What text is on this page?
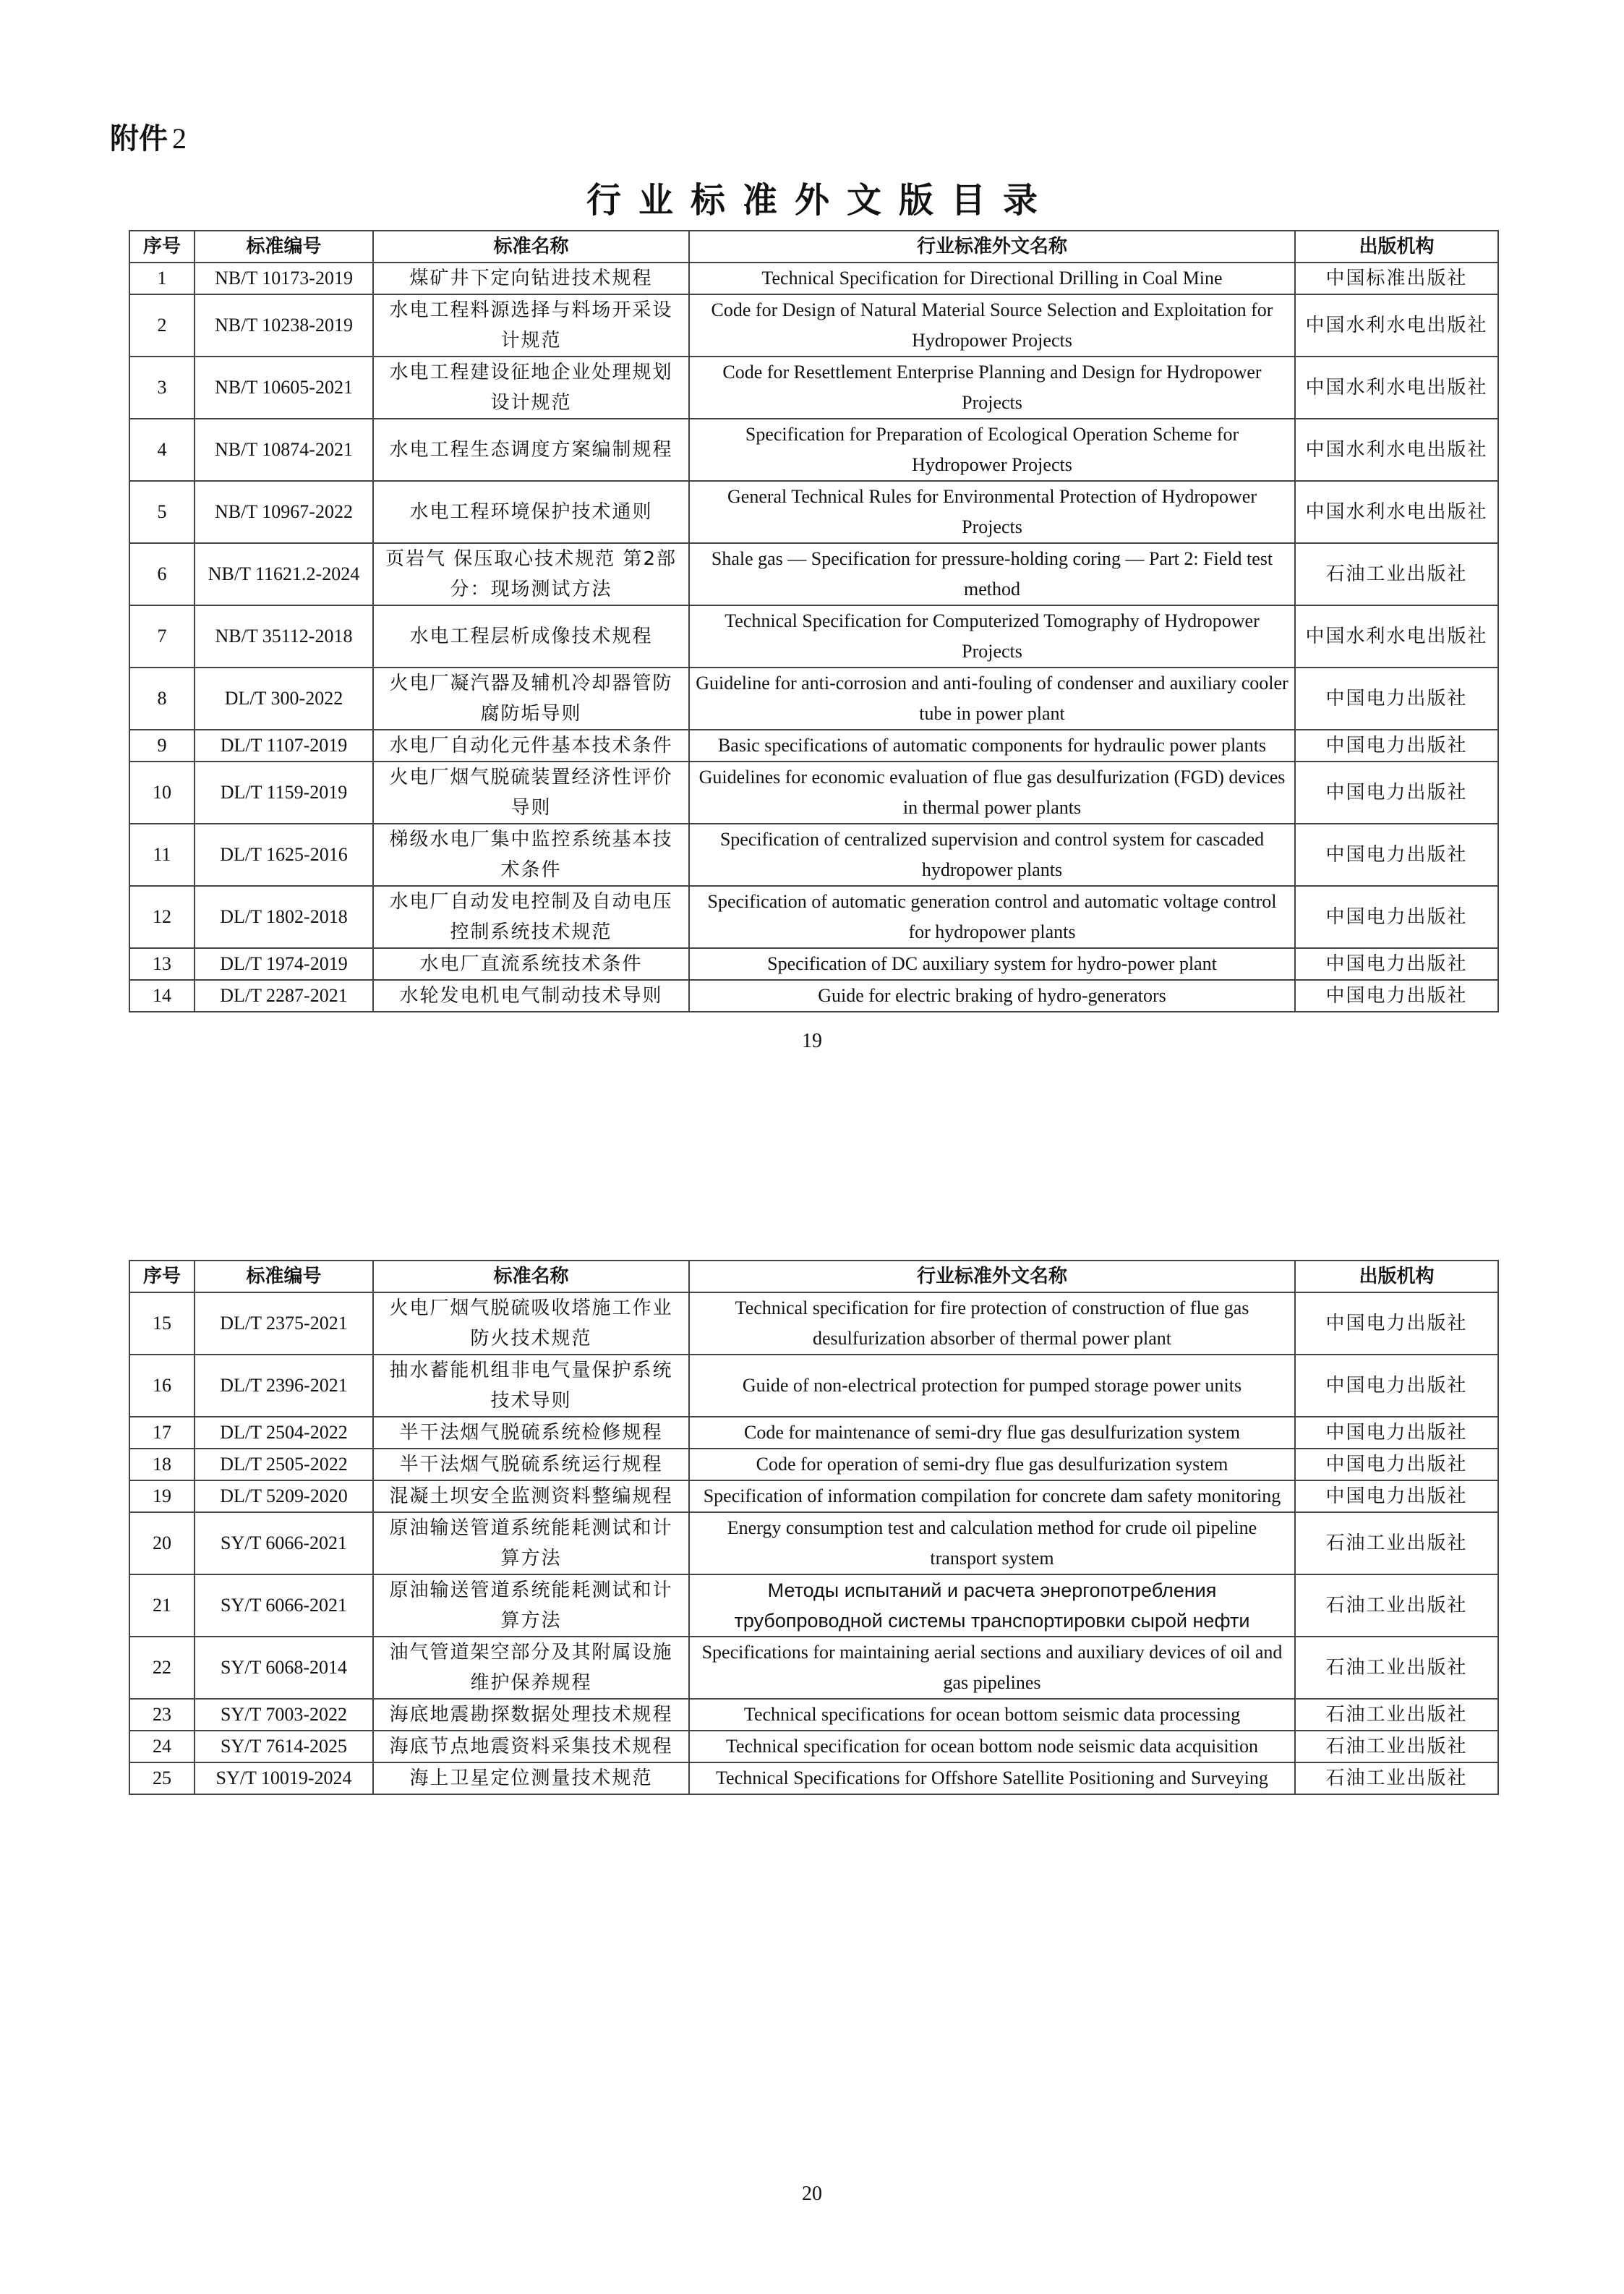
附件 2
行业标准外文版目录
序号	标准编号	标准名称	行业标准外文名称	出版机构
1	NB/T 10173-2019	煤矿井下定向钻进技术规程	Technical Specification for Directional Drilling in Coal Mine	中国标准出版社
2	NB/T 10238-2019	水电工程料源选择与料场开采设计规范	Code for Design of Natural Material Source Selection and Exploitation for Hydropower Projects	中国水利水电出版社
3	NB/T 10605-2021	水电工程建设征地企业处理规划设计规范	Code for Resettlement Enterprise Planning and Design for Hydropower Projects	中国水利水电出版社
4	NB/T 10874-2021	水电工程生态调度方案编制规程	Specification for Preparation of Ecological Operation Scheme for Hydropower Projects	中国水利水电出版社
5	NB/T 10967-2022	水电工程环境保护技术通则	General Technical Rules for Environmental Protection of Hydropower Projects	中国水利水电出版社
6	NB/T 11621.2-2024	页岩气 保压取心技术规范 第2部分：现场测试方法	Shale gas — Specification for pressure-holding coring — Part 2: Field test method	石油工业出版社
7	NB/T 35112-2018	水电工程层析成像技术规程	Technical Specification for Computerized Tomography of Hydropower Projects	中国水利水电出版社
8	DL/T 300-2022	火电厂凝汽器及辅机冷却器管防腐防垢导则	Guideline for anti-corrosion and anti-fouling of condenser and auxiliary cooler tube in power plant	中国电力出版社
9	DL/T 1107-2019	水电厂自动化元件基本技术条件	Basic specifications of automatic components for hydraulic power plants	中国电力出版社
10	DL/T 1159-2019	火电厂烟气脱硫装置经济性评价导则	Guidelines for economic evaluation of flue gas desulfurization (FGD) devices in thermal power plants	中国电力出版社
11	DL/T 1625-2016	梯级水电厂集中监控系统基本技术条件	Specification of centralized supervision and control system for cascaded hydropower plants	中国电力出版社
12	DL/T 1802-2018	水电厂自动发电控制及自动电压控制系统技术规范	Specification of automatic generation control and automatic voltage control for hydropower plants	中国电力出版社
13	DL/T 1974-2019	水电厂直流系统技术条件	Specification of DC auxiliary system for hydro-power plant	中国电力出版社
14	DL/T 2287-2021	水轮发电机电气制动技术导则	Guide for electric braking of hydro-generators	中国电力出版社
19
序号	标准编号	标准名称	行业标准外文名称	出版机构
15	DL/T 2375-2021	火电厂烟气脱硫吸收塔施工作业防火技术规范	Technical specification for fire protection of construction of flue gas desulfurization absorber of thermal power plant	中国电力出版社
16	DL/T 2396-2021	抽水蓄能机组非电气量保护系统技术导则	Guide of non-electrical protection for pumped storage power units	中国电力出版社
17	DL/T 2504-2022	半干法烟气脱硫系统检修规程	Code for maintenance of semi-dry flue gas desulfurization system	中国电力出版社
18	DL/T 2505-2022	半干法烟气脱硫系统运行规程	Code for operation of semi-dry flue gas desulfurization system	中国电力出版社
19	DL/T 5209-2020	混凝土坝安全监测资料整编规程	Specification of information compilation for concrete dam safety monitoring	中国电力出版社
20	SY/T 6066-2021	原油输送管道系统能耗测试和计算方法	Energy consumption test and calculation method for crude oil pipeline transport system	石油工业出版社
21	SY/T 6066-2021	原油输送管道系统能耗测试和计算方法	Методы испытаний и расчета энергопотребления трубопроводной системы транспортировки сырой нефти	石油工业出版社
22	SY/T 6068-2014	油气管道架空部分及其附属设施维护保养规程	Specifications for maintaining aerial sections and auxiliary devices of oil and gas pipelines	石油工业出版社
23	SY/T 7003-2022	海底地震勘探数据处理技术规程	Technical specifications for ocean bottom seismic data processing	石油工业出版社
24	SY/T 7614-2025	海底节点地震资料采集技术规程	Technical specification for ocean bottom node seismic data acquisition	石油工业出版社
25	SY/T 10019-2024	海上卫星定位测量技术规范	Technical Specifications for Offshore Satellite Positioning and Surveying	石油工业出版社
20
